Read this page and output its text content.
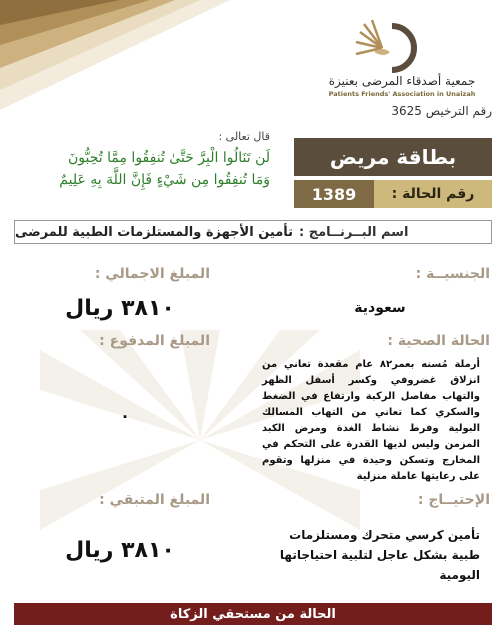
جمعية أصدقاء المرضى بعنيزة
Patients Friends' Association in Unaizah
رقم الترخيص 3625
قال تعالى :
لَن تَنَالُوا الْبِرَّ حَتَّىٰ تُنفِقُوا مِمَّا تُحِبُّونَ
وَمَا تُنفِقُوا مِن شَيْءٍ فَإِنَّ اللَّهَ بِهِ عَلِيمٌ
بطاقة مريض
1389	رقم الحالة :
اسم البــرنــامج :
تأمين الأجهزة والمستلزمات الطبية للمرضى
الجنسيــة :
سعودية
الحالة الصحية :
أرملة مُسنه بعمر٨٢ عام مقعدة تعاني من انزلاق غضروفي وكسر أسفل الظهر والتهاب مفاصل الركبة وارتفاع في الضغط والسكري كما تعاني من التهاب المسالك البولية وفرط نشاط الغدة ومرض الكبد المزمن وليس لديها القدرة على التحكم في المخارج وتسكن وحيدة في منزلها وتقوم على رعايتها عاملة منزلية
الإحتيــاج :
تأمين كرسي متحرك ومستلزمات طبية بشكل عاجل لتلبية احتياجاتها اليومية
المبلغ الاجمالي :
٣٨١٠ ريال
المبلغ المدفوع :
٠
المبلغ المتبقي :
٣٨١٠ ريال
الحالة من مستحقي الزكاة
